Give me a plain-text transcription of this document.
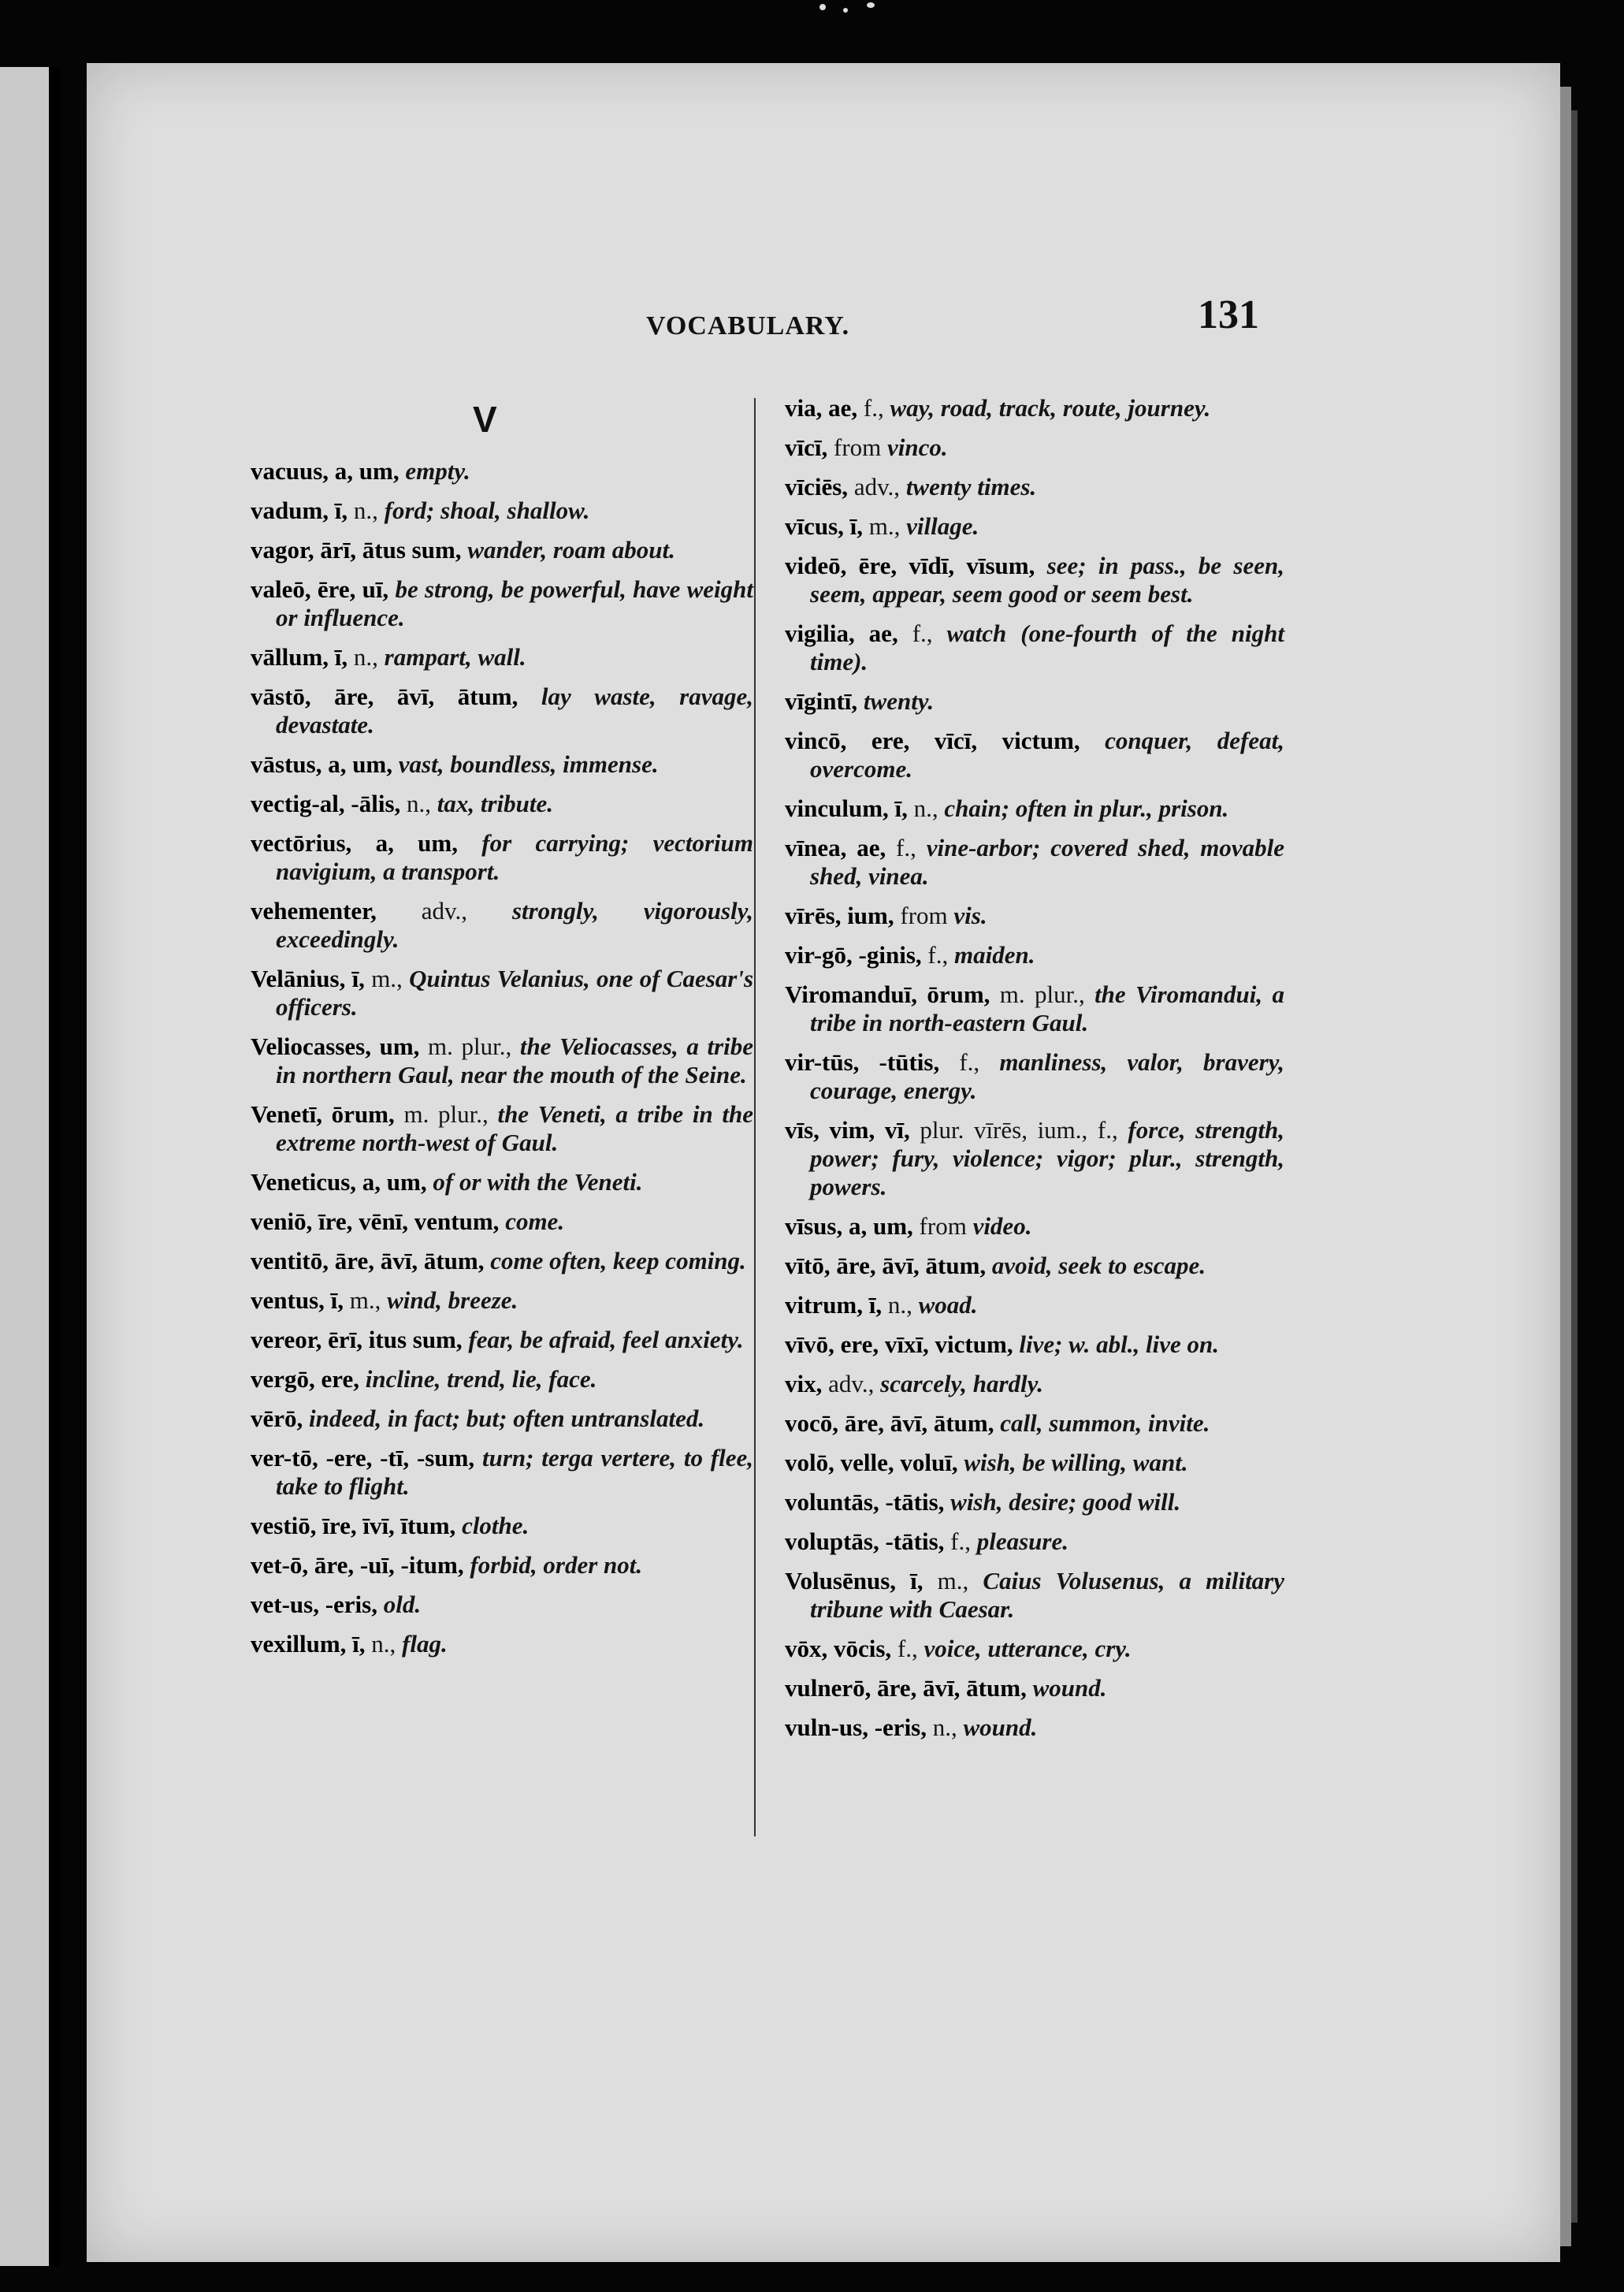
VOCABULARY.	131
V
vacuus, a, um, empty.
vadum, ī, n., ford; shoal, shallow.
vagor, ārī, ātus sum, wander, roam about.
valeō, ēre, uī, be strong, be powerful, have weight or influence.
vāllum, ī, n., rampart, wall.
vāstō, āre, āvī, ātum, lay waste, ravage, devastate.
vāstus, a, um, vast, boundless, immense.
vectig-al, -ālis, n., tax, tribute.
vectōrius, a, um, for carrying; vectorium navigium, a transport.
vehementer, adv., strongly, vigorously, exceedingly.
Velānius, ī, m., Quintus Velanius, one of Caesar's officers.
Veliocasses, um, m. plur., the Veliocasses, a tribe in northern Gaul, near the mouth of the Seine.
Venetī, ōrum, m. plur., the Veneti, a tribe in the extreme north-west of Gaul.
Veneticus, a, um, of or with the Veneti.
veniō, īre, vēnī, ventum, come.
ventitō, āre, āvī, ātum, come often, keep coming.
ventus, ī, m., wind, breeze.
vereor, ērī, itus sum, fear, be afraid, feel anxiety.
vergō, ere, incline, trend, lie, face.
vērō, indeed, in fact; but; often untranslated.
ver-tō, -ere, -tī, -sum, turn; terga vertere, to flee, take to flight.
vestiō, īre, īvī, ītum, clothe.
vet-ō, āre, -uī, -itum, forbid, order not.
vet-us, -eris, old.
vexillum, ī, n., flag.
via, ae, f., way, road, track, route, journey.
vīcī, from vinco.
vīciēs, adv., twenty times.
vīcus, ī, m., village.
videō, ēre, vīdī, vīsum, see; in pass., be seen, seem, appear, seem good or seem best.
vigilia, ae, f., watch (one-fourth of the night time).
vīgintī, twenty.
vincō, ere, vīcī, victum, conquer, defeat, overcome.
vinculum, ī, n., chain; often in plur., prison.
vīnea, ae, f., vine-arbor; covered shed, movable shed, vinea.
vīrēs, ium, from vis.
vir-gō, -ginis, f., maiden.
Viromanduī, ōrum, m. plur., the Viromandui, a tribe in north-eastern Gaul.
vir-tūs, -tūtis, f., manliness, valor, bravery, courage, energy.
vīs, vim, vī, plur. vīrēs, ium., f., force, strength, power; fury, violence; vigor; plur., strength, powers.
vīsus, a, um, from video.
vītō, āre, āvī, ātum, avoid, seek to escape.
vitrum, ī, n., woad.
vīvō, ere, vīxī, victum, live; w. abl., live on.
vix, adv., scarcely, hardly.
vocō, āre, āvī, ātum, call, summon, invite.
volō, velle, voluī, wish, be willing, want.
voluntās, -tātis, wish, desire; good will.
voluptās, -tātis, f., pleasure.
Volusēnus, ī, m., Caius Volusenus, a military tribune with Caesar.
vōx, vōcis, f., voice, utterance, cry.
vulnerō, āre, āvī, ātum, wound.
vuln-us, -eris, n., wound.
